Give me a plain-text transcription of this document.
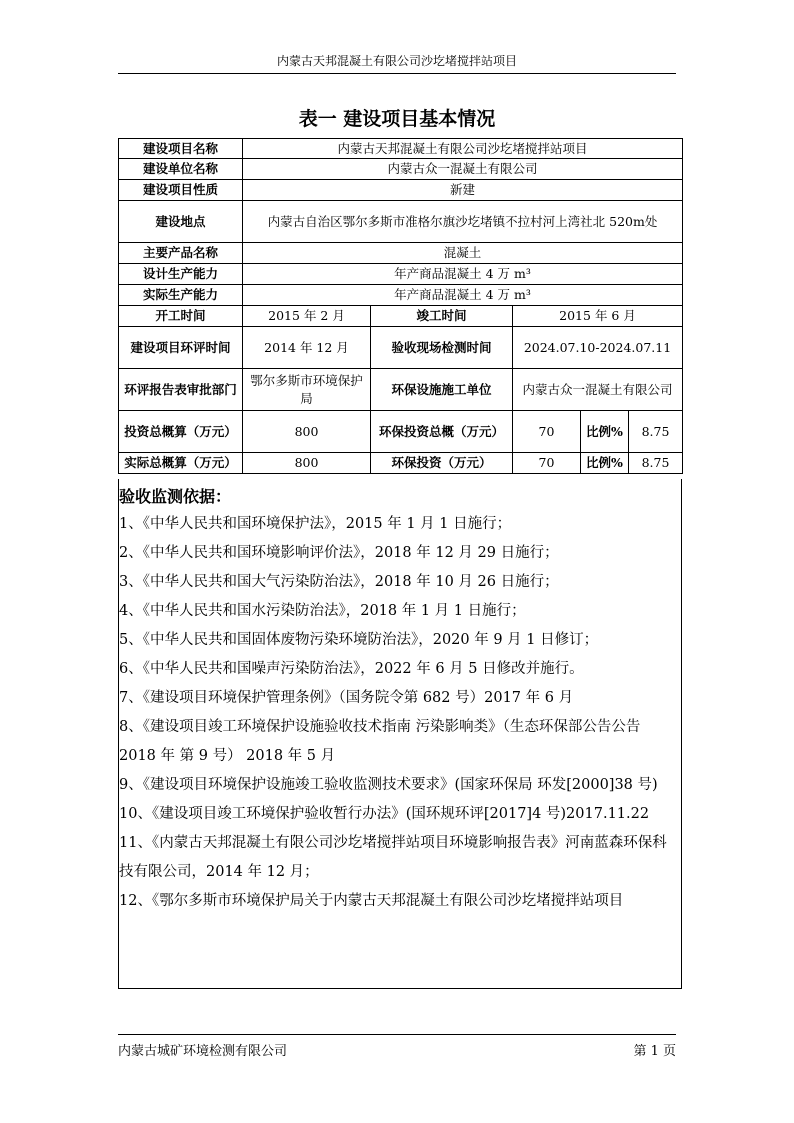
内蒙古天邦混凝土有限公司沙圪堵搅拌站项目
表一 建设项目基本情况
建设项目名称	内蒙古天邦混凝土有限公司沙圪堵搅拌站项目				
建设单位名称	内蒙古众一混凝土有限公司				
建设项目性质	新建				
建设地点	内蒙古自治区鄂尔多斯市准格尔旗沙圪堵镇不拉村河上湾社北 520m处				
主要产品名称	混凝土				
设计生产能力	年产商品混凝土 4 万 m³				
实际生产能力	年产商品混凝土 4 万 m³				
开工时间	2015 年 2 月	竣工时间	2015 年 6 月		
建设项目环评时间	2014 年 12 月	验收现场检测时间	2024.07.10-2024.07.11		
环评报告表审批部门	鄂尔多斯市环境保护局	环保设施施工单位	内蒙古众一混凝土有限公司		
投资总概算（万元）	800	环保投资总概（万元）	70	比例%	8.75
实际总概算（万元）	800	环保投资（万元）	70	比例%	8.75

验收监测依据：

1、《中华人民共和国环境保护法》，2015 年 1 月 1 日施行；

2、《中华人民共和国环境影响评价法》，2018 年 12 月 29 日施行；

3、《中华人民共和国大气污染防治法》，2018 年 10 月 26 日施行；

4、《中华人民共和国水污染防治法》，2018 年 1 月 1 日施行；

5、《中华人民共和国固体废物污染环境防治法》，2020 年 9 月 1 日修订；

6、《中华人民共和国噪声污染防治法》，2022 年 6 月 5 日修改并施行。

7、《建设项目环境保护管理条例》（国务院令第 682 号）2017 年 6 月

8、《建设项目竣工环境保护设施验收技术指南 污染影响类》（生态环保部公告公告 2018 年 第 9 号） 2018 年 5 月

9、《建设项目环境保护设施竣工验收监测技术要求》(国家环保局 环发[2000]38 号)

10、《建设项目竣工环境保护验收暂行办法》(国环规环评[2017]4 号)2017.11.22

11、《内蒙古天邦混凝土有限公司沙圪堵搅拌站项目环境影响报告表》河南蓝森环保科技有限公司，2014 年 12 月；

12、《鄂尔多斯市环境保护局关于内蒙古天邦混凝土有限公司沙圪堵搅拌站项目

内蒙古城矿环境检测有限公司	第 1 页
